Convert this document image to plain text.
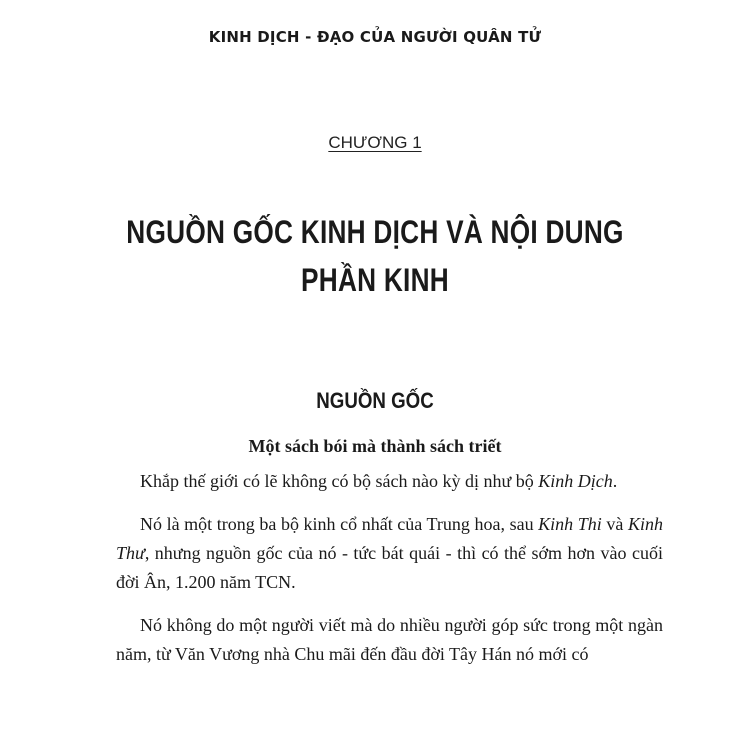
KINH DỊCH - ĐẠO CỦA NGƯỜI QUÂN TỬ
CHƯƠNG 1
NGUỒN GỐC KINH DỊCH VÀ NỘI DUNG
PHẦN KINH
NGUỒN GỐC
Một sách bói mà thành sách triết

Khắp thế giới có lẽ không có bộ sách nào kỳ dị như bộ Kinh Dịch.

Nó là một trong ba bộ kinh cổ nhất của Trung hoa, sau Kinh Thi và Kinh Thư, nhưng nguồn gốc của nó - tức bát quái - thì có thể sớm hơn vào cuối đời Ân, 1.200 năm TCN.

Nó không do một người viết mà do nhiều người góp sức trong một ngàn năm, từ Văn Vương nhà Chu mãi đến đầu đời Tây Hán nó mới có
